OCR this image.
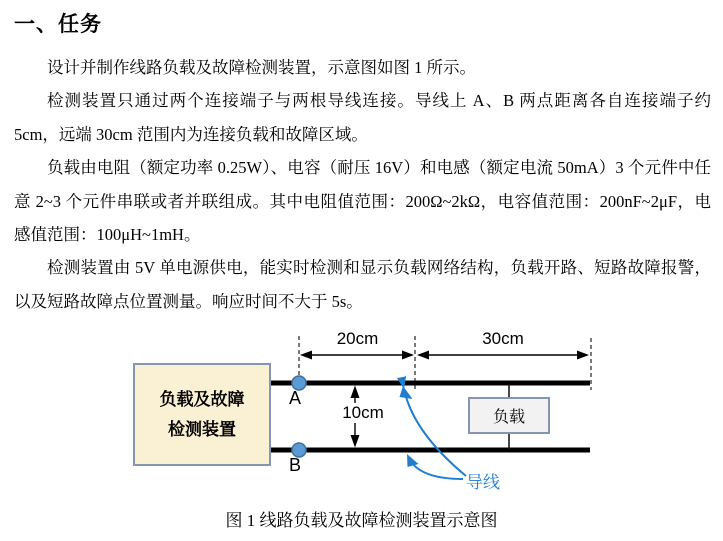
一、任务

设计并制作线路负载及故障检测装置，示意图如图 1 所示。

检测装置只通过两个连接端子与两根导线连接。导线上 A、B 两点距离各自连接端子约 5cm，远端 30cm 范围内为连接负载和故障区域。

负载由电阻（额定功率 0.25W）、电容（耐压 16V）和电感（额定电流 50mA）3 个元件中任意 2~3 个元件串联或者并联组成。其中电阻值范围：200Ω~2kΩ，电容值范围：200nF~2μF，电感值范围：100μH~1mH。

检测装置由 5V 单电源供电，能实时检测和显示负载网络结构，负载开路、短路故障报警，以及短路故障点位置测量。响应时间不大于 5s。

负载及故障
检测装置
负载
20cm	30cm
10cm
A
B
导线
图 1 线路负载及故障检测装置示意图
